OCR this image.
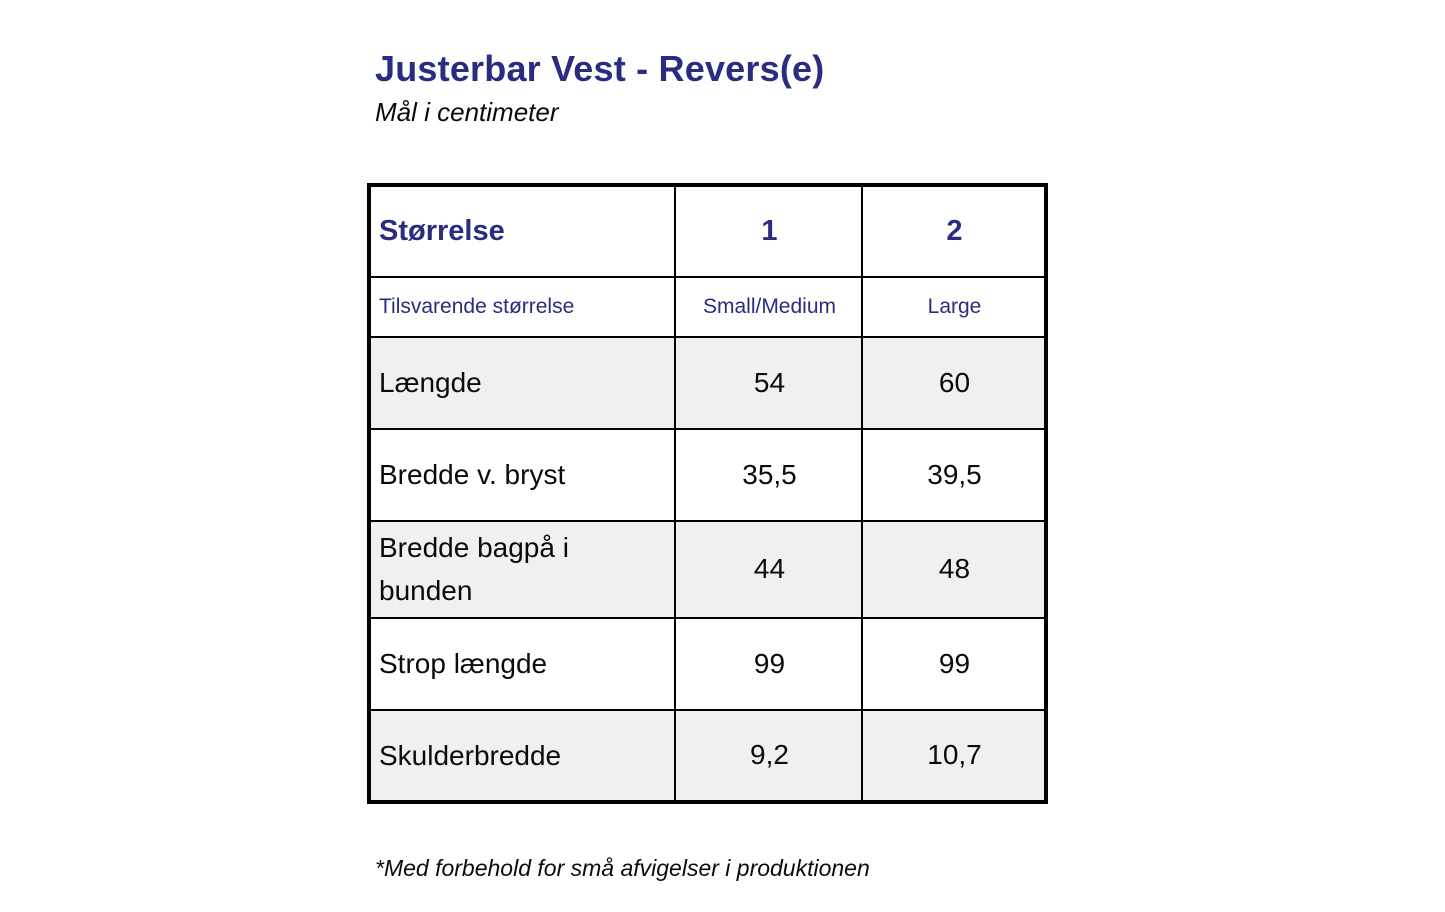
Justerbar Vest - Revers(e)
Mål i centimeter
Størrelse	1	2
Tilsvarende størrelse	Small/Medium	Large
Længde	54	60
Bredde v. bryst	35,5	39,5
Bredde bagpå i bunden	44	48
Strop længde	99	99
Skulderbredde	9,2	10,7
*Med forbehold for små afvigelser i produktionen
